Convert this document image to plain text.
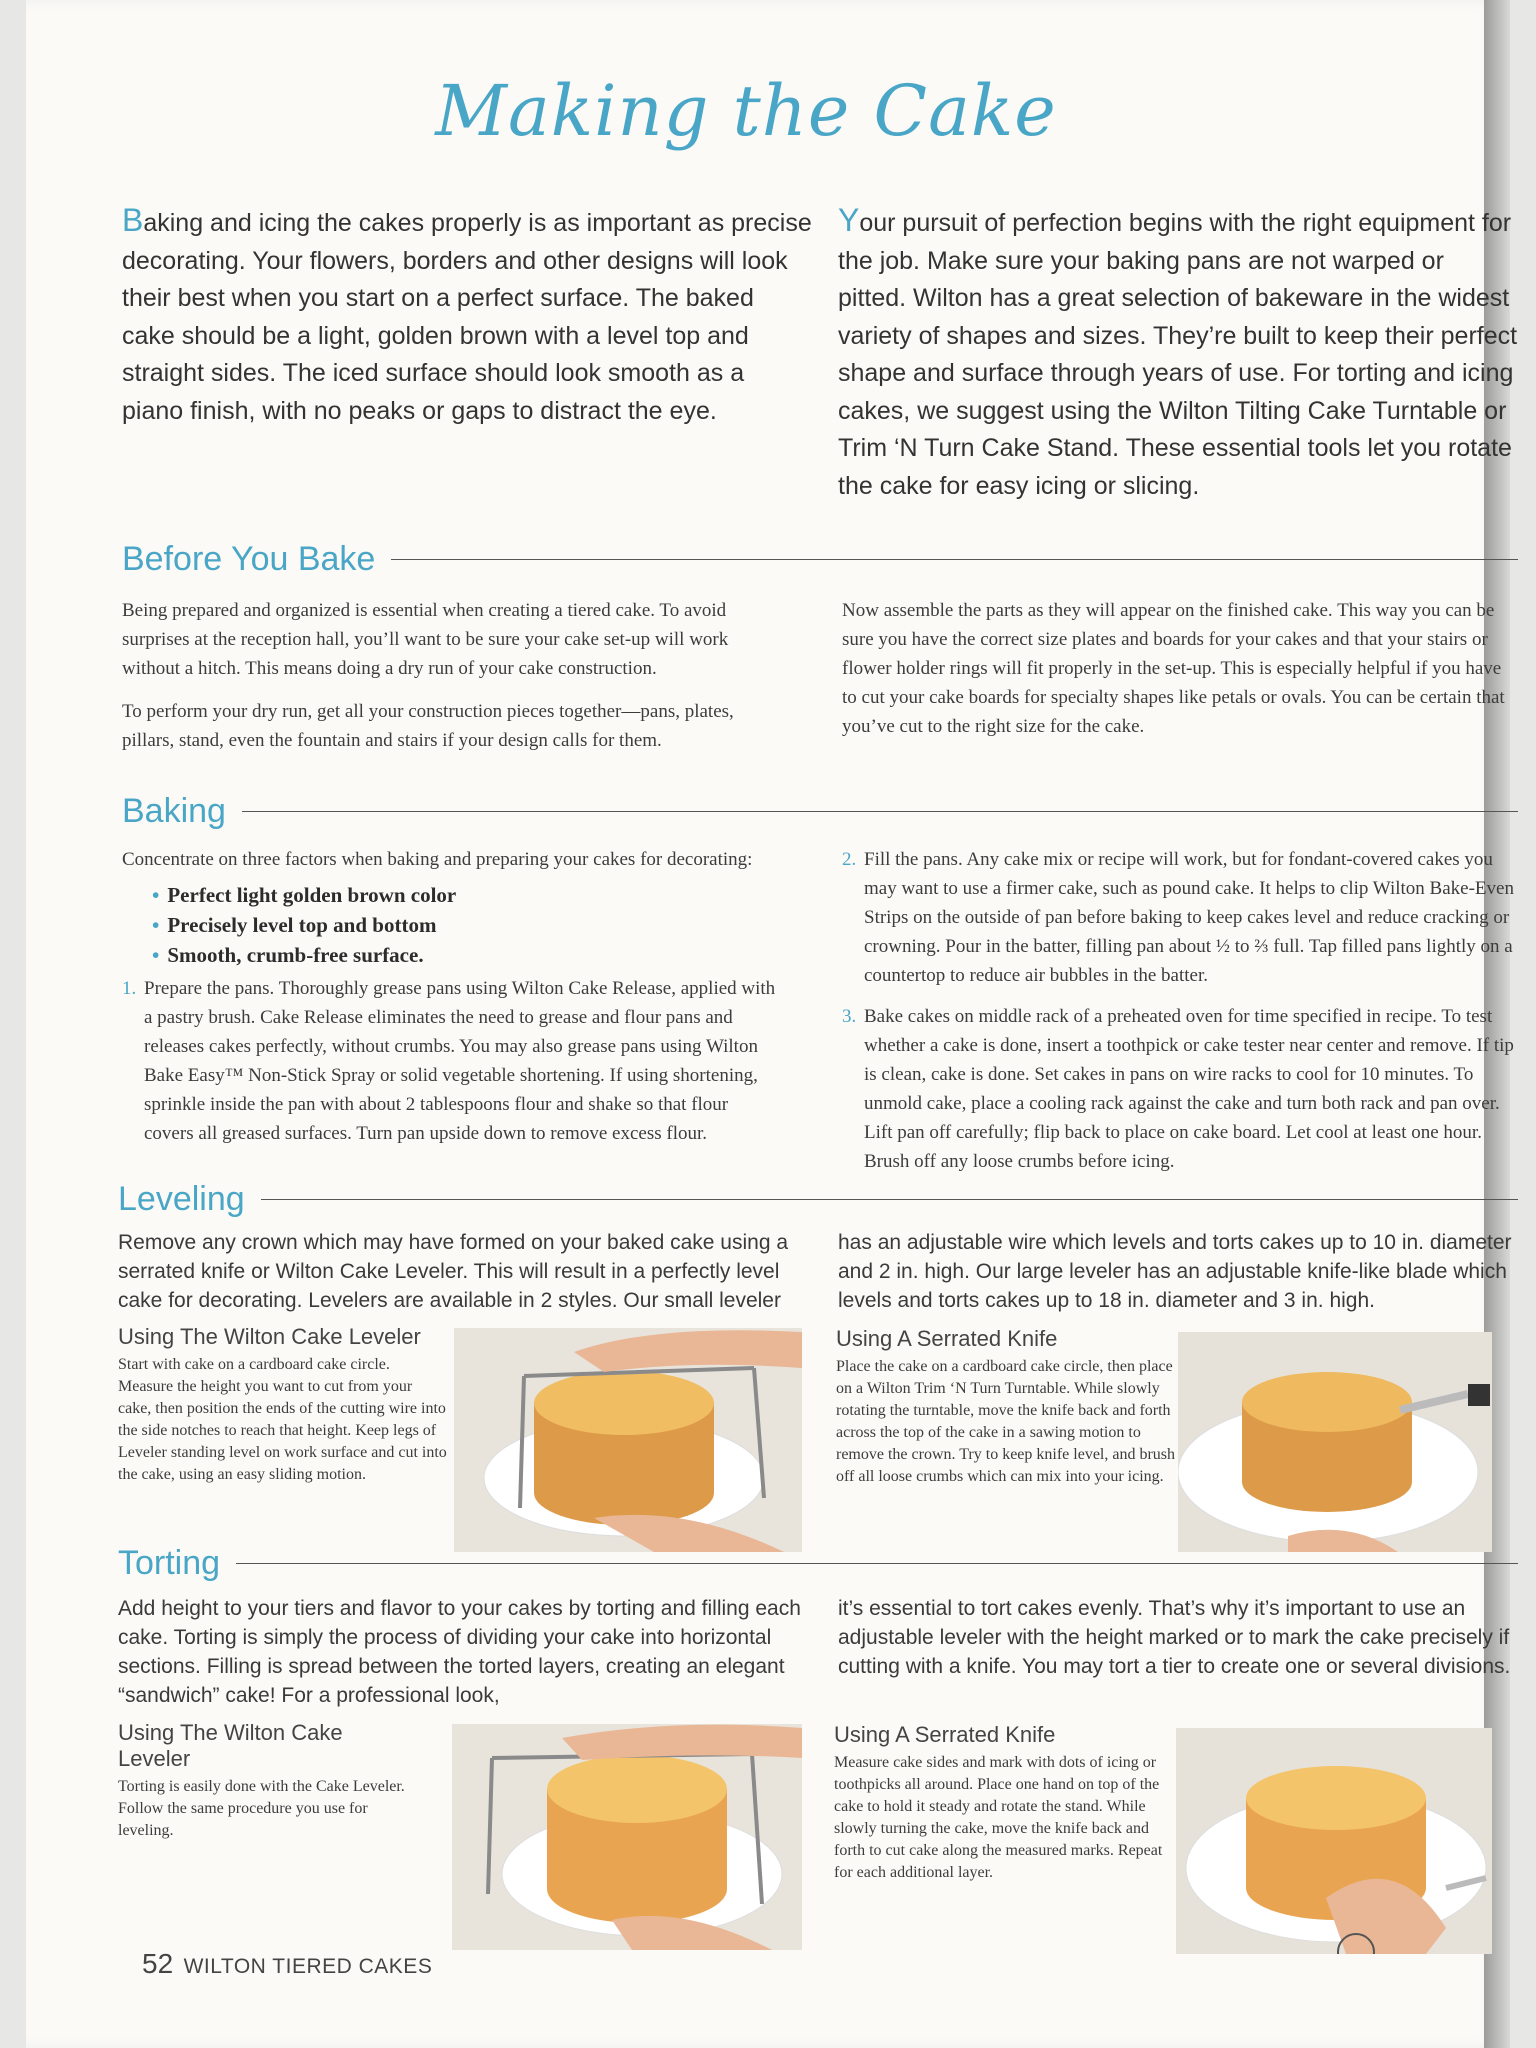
Making the Cake
Baking and icing the cakes properly is as important as precise decorating. Your flowers, borders and other designs will look their best when you start on a perfect surface. The baked cake should be a light, golden brown with a level top and straight sides. The iced surface should look smooth as a piano finish, with no peaks or gaps to distract the eye.
Your pursuit of perfection begins with the right equipment for the job. Make sure your baking pans are not warped or pitted. Wilton has a great selection of bakeware in the widest variety of shapes and sizes. They’re built to keep their perfect shape and surface through years of use. For torting and icing cakes, we suggest using the Wilton Tilting Cake Turntable or Trim ‘N Turn Cake Stand. These essential tools let you rotate the cake for easy icing or slicing.
Before You Bake

Being prepared and organized is essential when creating a tiered cake. To avoid surprises at the reception hall, you’ll want to be sure your cake set-up will work without a hitch. This means doing a dry run of your cake construction.

To perform your dry run, get all your construction pieces together—pans, plates, pillars, stand, even the fountain and stairs if your design calls for them.

Now assemble the parts as they will appear on the finished cake. This way you can be sure you have the correct size plates and boards for your cakes and that your stairs or flower holder rings will fit properly in the set-up. This is especially helpful if you have to cut your cake boards for specialty shapes like petals or ovals. You can be certain that you’ve cut to the right size for the cake.

Baking

Concentrate on three factors when baking and preparing your cakes for decorating:

• Perfect light golden brown color
• Precisely level top and bottom
• Smooth, crumb-free surface.
1. Prepare the pans. Thoroughly grease pans using Wilton Cake Release, applied with a pastry brush. Cake Release eliminates the need to grease and flour pans and releases cakes perfectly, without crumbs. You may also grease pans using Wilton Bake Easy™ Non-Stick Spray or solid vegetable shortening. If using shortening, sprinkle inside the pan with about 2 tablespoons flour and shake so that flour covers all greased surfaces. Turn pan upside down to remove excess flour.
2. Fill the pans. Any cake mix or recipe will work, but for fondant-covered cakes you may want to use a firmer cake, such as pound cake. It helps to clip Wilton Bake-Even Strips on the outside of pan before baking to keep cakes level and reduce cracking or crowning. Pour in the batter, filling pan about ½ to ⅔ full. Tap filled pans lightly on a countertop to reduce air bubbles in the batter.
3. Bake cakes on middle rack of a preheated oven for time specified in recipe. To test whether a cake is done, insert a toothpick or cake tester near center and remove. If tip is clean, cake is done. Set cakes in pans on wire racks to cool for 10 minutes. To unmold cake, place a cooling rack against the cake and turn both rack and pan over. Lift pan off carefully; flip back to place on cake board. Let cool at least one hour. Brush off any loose crumbs before icing.
Leveling
Remove any crown which may have formed on your baked cake using a serrated knife or Wilton Cake Leveler. This will result in a perfectly level cake for decorating. Levelers are available in 2 styles. Our small leveler
has an adjustable wire which levels and torts cakes up to 10 in. diameter and 2 in. high. Our large leveler has an adjustable knife-like blade which levels and torts cakes up to 18 in. diameter and 3 in. high.
Using The Wilton Cake Leveler
Start with cake on a cardboard cake circle. Measure the height you want to cut from your cake, then position the ends of the cutting wire into the side notches to reach that height. Keep legs of Leveler standing level on work surface and cut into the cake, using an easy sliding motion.
Using A Serrated Knife
Place the cake on a cardboard cake circle, then place on a Wilton Trim ‘N Turn Turntable. While slowly rotating the turntable, move the knife back and forth across the top of the cake in a sawing motion to remove the crown. Try to keep knife level, and brush off all loose crumbs which can mix into your icing.
Torting
Add height to your tiers and flavor to your cakes by torting and filling each cake. Torting is simply the process of dividing your cake into horizontal sections. Filling is spread between the torted layers, creating an elegant “sandwich” cake! For a professional look,
it’s essential to tort cakes evenly. That’s why it’s important to use an adjustable leveler with the height marked or to mark the cake precisely if cutting with a knife. You may tort a tier to create one or several divisions.
Using The Wilton Cake Leveler
Torting is easily done with the Cake Leveler. Follow the same procedure you use for leveling.
Using A Serrated Knife
Measure cake sides and mark with dots of icing or toothpicks all around. Place one hand on top of the cake to hold it steady and rotate the stand. While slowly turning the cake, move the knife back and forth to cut cake along the measured marks. Repeat for each additional layer.
52 WILTON TIERED CAKES
